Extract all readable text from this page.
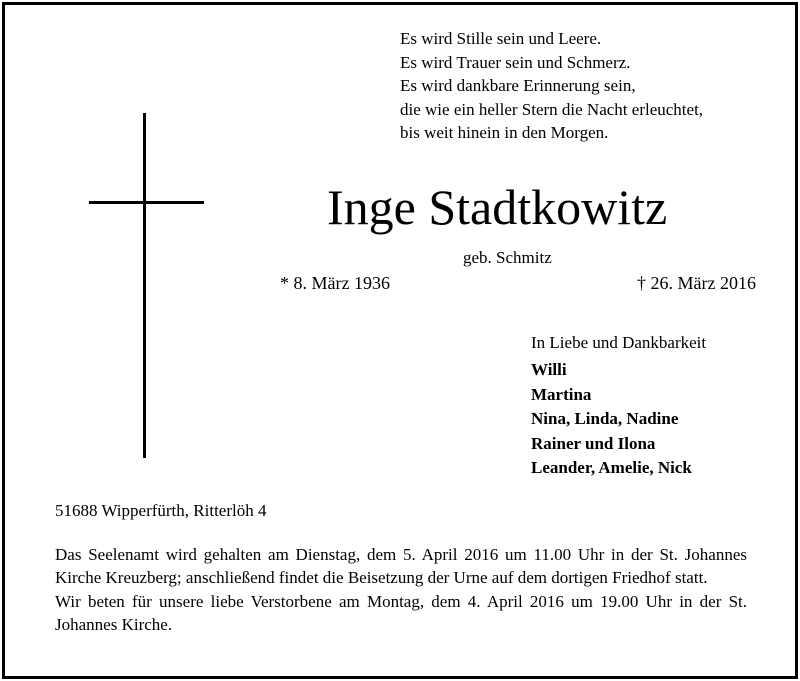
Es wird Stille sein und Leere.
Es wird Trauer sein und Schmerz.
Es wird dankbare Erinnerung sein,
die wie ein heller Stern die Nacht erleuchtet,
bis weit hinein in den Morgen.
Inge Stadtkowitz
geb. Schmitz
* 8. März 1936	† 26. März 2016
In Liebe und Dankbarkeit
Willi
Martina
Nina, Linda, Nadine
Rainer und Ilona
Leander, Amelie, Nick
51688 Wipperfürth, Ritterlöh 4

Das Seelenamt wird gehalten am Dienstag, dem 5. April 2016 um 11.00 Uhr in der St. Johannes Kirche Kreuzberg; anschließend findet die Beisetzung der Urne auf dem dortigen Friedhof statt.

Wir beten für unsere liebe Verstorbene am Montag, dem 4. April 2016 um 19.00 Uhr in der St. Johannes Kirche.
